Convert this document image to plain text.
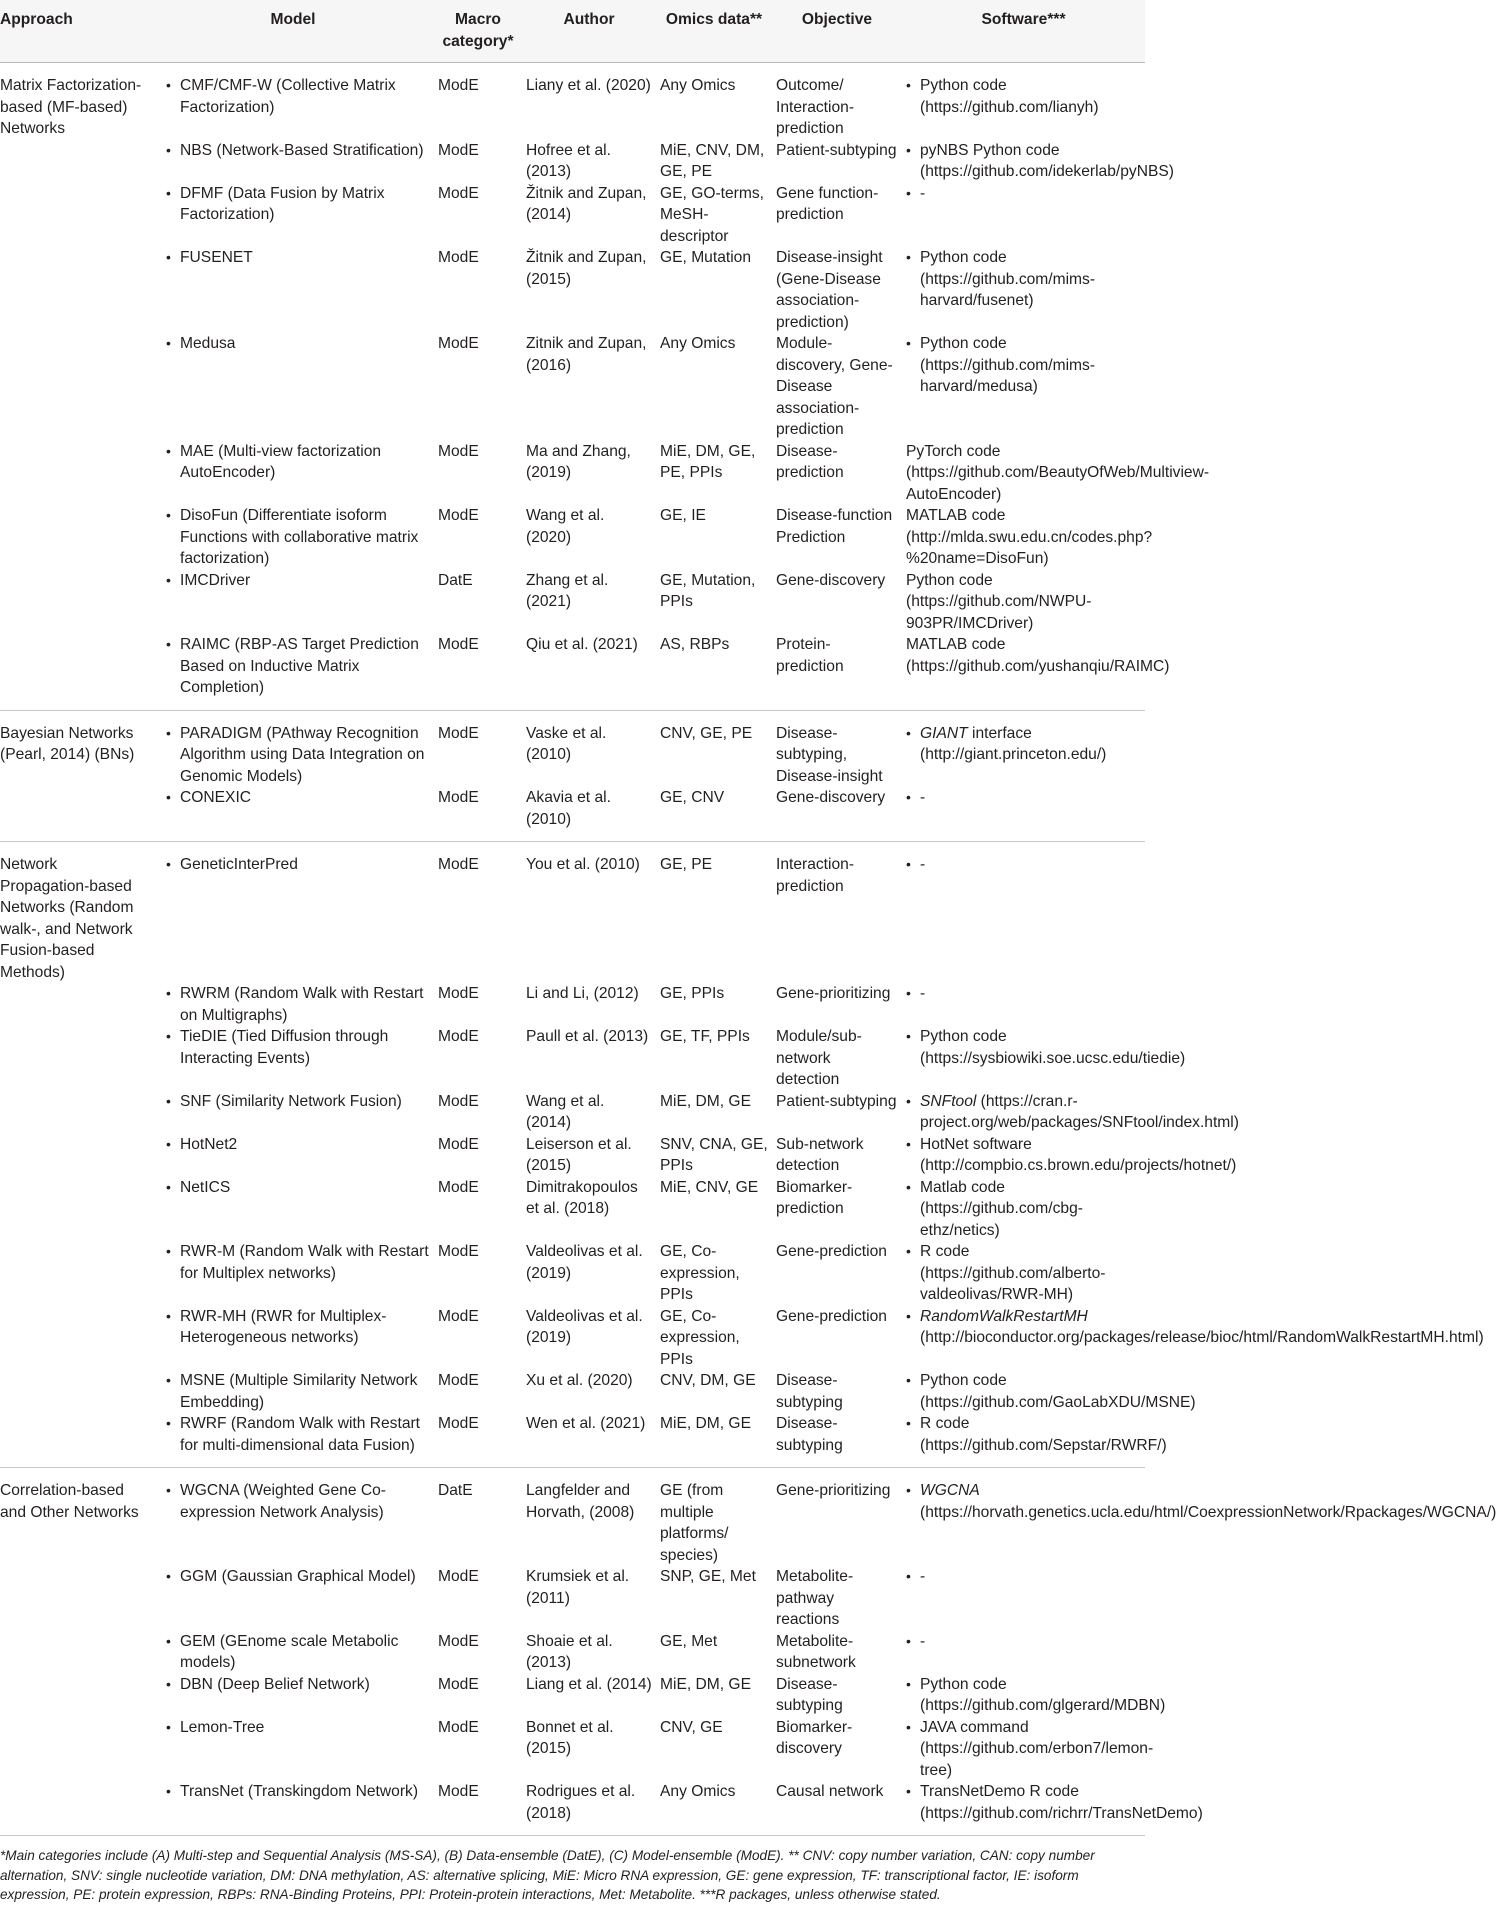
Approach	Model	Macro category*	Author	Omics data**	Objective	Software***
Matrix Factorization-based (MF-based) Networks	• CMF/CMF-W (Collective Matrix Factorization)	ModE	Liany et al. (2020)	Any Omics	Outcome/ Interaction-prediction	• Python code (https://github.com/lianyh)

	• NBS (Network-Based Stratification)	ModE	Hofree et al. (2013)	MiE, CNV, DM, GE, PE	Patient-subtyping	• pyNBS Python code (https://github.com/idekerlab/pyNBS)

	• DFMF (Data Fusion by Matrix Factorization)	ModE	Žitnik and Zupan, (2014)	GE, GO-terms, MeSH-descriptor	Gene function-prediction	• -

	• FUSENET	ModE	Žitnik and Zupan, (2015)	GE, Mutation	Disease-insight (Gene-Disease association-prediction)	• Python code (https://github.com/mims-harvard/fusenet)

	• Medusa	ModE	Zitnik and Zupan, (2016)	Any Omics	Module-discovery, Gene-Disease association-prediction	• Python code (https://github.com/mims-harvard/medusa)

	• MAE (Multi-view factorization AutoEncoder)	ModE	Ma and Zhang, (2019)	MiE, DM, GE, PE, PPIs	Disease-prediction	PyTorch code (https://github.com/BeautyOfWeb/Multiview-AutoEncoder)

	• DisoFun (Differentiate isoform Functions with collaborative matrix factorization)	ModE	Wang et al. (2020)	GE, IE	Disease-function Prediction	MATLAB code (http://mlda.swu.edu.cn/codes.php?%20name=DisoFun)

	• IMCDriver	DatE	Zhang et al. (2021)	GE, Mutation, PPIs	Gene-discovery	Python code (https://github.com/NWPU-903PR/IMCDriver)

	• RAIMC (RBP-AS Target Prediction Based on Inductive Matrix Completion)	ModE	Qiu et al. (2021)	AS, RBPs	Protein-prediction	MATLAB code (https://github.com/yushanqiu/RAIMC)

Bayesian Networks (Pearl, 2014) (BNs)	• PARADIGM (PAthway Recognition Algorithm using Data Integration on Genomic Models)	ModE	Vaske et al. (2010)	CNV, GE, PE	Disease-subtyping, Disease-insight	• GIANT interface (http://giant.princeton.edu/)

	• CONEXIC	ModE	Akavia et al. (2010)	GE, CNV	Gene-discovery	• -

Network Propagation-based Networks (Random walk-, and Network Fusion-based Methods)	• GeneticInterPred	ModE	You et al. (2010)	GE, PE	Interaction-prediction	• -

	• RWRM (Random Walk with Restart on Multigraphs)	ModE	Li and Li, (2012)	GE, PPIs	Gene-prioritizing	• -

	• TieDIE (Tied Diffusion through Interacting Events)	ModE	Paull et al. (2013)	GE, TF, PPIs	Module/sub-network detection	• Python code (https://sysbiowiki.soe.ucsc.edu/tiedie)

	• SNF (Similarity Network Fusion)	ModE	Wang et al. (2014)	MiE, DM, GE	Patient-subtyping	• SNFtool (https://cran.r-project.org/web/packages/SNFtool/index.html)

	• HotNet2	ModE	Leiserson et al. (2015)	SNV, CNA, GE, PPIs	Sub-network detection	• HotNet software (http://compbio.cs.brown.edu/projects/hotnet/)

	• NetICS	ModE	Dimitrakopoulos et al. (2018)	MiE, CNV, GE	Biomarker-prediction	• Matlab code (https://github.com/cbg-ethz/netics)

	• RWR-M (Random Walk with Restart for Multiplex networks)	ModE	Valdeolivas et al. (2019)	GE, Co-expression, PPIs	Gene-prediction	• R code (https://github.com/alberto-valdeolivas/RWR-MH)

	• RWR-MH (RWR for Multiplex-Heterogeneous networks)	ModE	Valdeolivas et al. (2019)	GE, Co-expression, PPIs	Gene-prediction	• RandomWalkRestartMH (http://bioconductor.org/packages/release/bioc/html/RandomWalkRestartMH.html)

	• MSNE (Multiple Similarity Network Embedding)	ModE	Xu et al. (2020)	CNV, DM, GE	Disease-subtyping	• Python code (https://github.com/GaoLabXDU/MSNE)

	• RWRF (Random Walk with Restart for multi-dimensional data Fusion)	ModE	Wen et al. (2021)	MiE, DM, GE	Disease-subtyping	• R code (https://github.com/Sepstar/RWRF/)

Correlation-based and Other Networks	• WGCNA (Weighted Gene Co-expression Network Analysis)	DatE	Langfelder and Horvath, (2008)	GE (from multiple platforms/ species)	Gene-prioritizing	• WGCNA (https://horvath.genetics.ucla.edu/html/CoexpressionNetwork/Rpackages/WGCNA/)

	• GGM (Gaussian Graphical Model)	ModE	Krumsiek et al. (2011)	SNP, GE, Met	Metabolite-pathway reactions	• -

	• GEM (GEnome scale Metabolic models)	ModE	Shoaie et al. (2013)	GE, Met	Metabolite-subnetwork	• -

	• DBN (Deep Belief Network)	ModE	Liang et al. (2014)	MiE, DM, GE	Disease-subtyping	• Python code (https://github.com/glgerard/MDBN)

	• Lemon-Tree	ModE	Bonnet et al. (2015)	CNV, GE	Biomarker-discovery	• JAVA command (https://github.com/erbon7/lemon-tree)

	• TransNet (Transkingdom Network)	ModE	Rodrigues et al. (2018)	Any Omics	Causal network	• TransNetDemo R code (https://github.com/richrr/TransNetDemo)
*Main categories include (A) Multi-step and Sequential Analysis (MS-SA), (B) Data-ensemble (DatE), (C) Model-ensemble (ModE). ** CNV: copy number variation, CAN: copy number alternation, SNV: single nucleotide variation, DM: DNA methylation, AS: alternative splicing, MiE: Micro RNA expression, GE: gene expression, TF: transcriptional factor, IE: isoform expression, PE: protein expression, RBPs: RNA-Binding Proteins, PPI: Protein-protein interactions, Met: Metabolite. ***R packages, unless otherwise stated.
